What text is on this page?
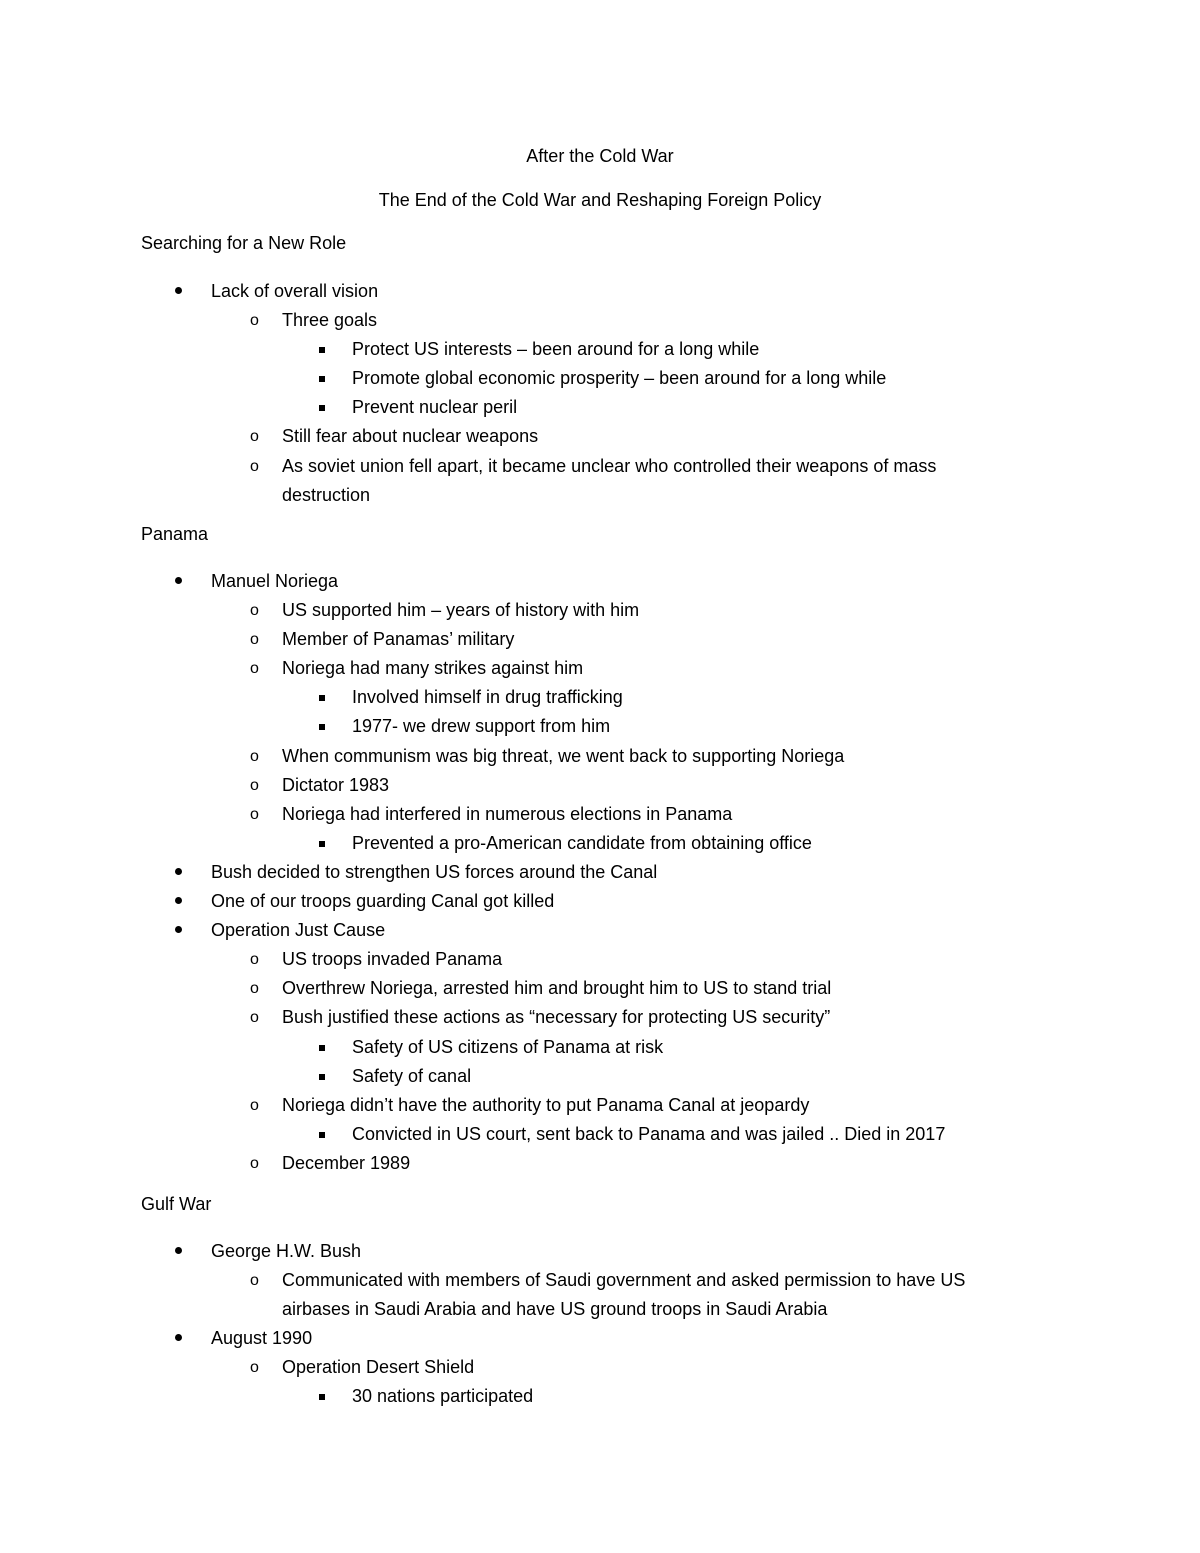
After the Cold War
The End of the Cold War and Reshaping Foreign Policy
Searching for a New Role
Lack of overall vision
o Three goals
Protect US interests – been around for a long while
Promote global economic prosperity – been around for a long while
Prevent nuclear peril
o Still fear about nuclear weapons
o As soviet union fell apart, it became unclear who controlled their weapons of mass destruction
Panama
Manuel Noriega
o US supported him – years of history with him
o Member of Panamas’ military
o Noriega had many strikes against him
Involved himself in drug trafficking
1977- we drew support from him
o When communism was big threat, we went back to supporting Noriega
o Dictator 1983
o Noriega had interfered in numerous elections in Panama
Prevented a pro-American candidate from obtaining office
Bush decided to strengthen US forces around the Canal
One of our troops guarding Canal got killed
Operation Just Cause
o US troops invaded Panama
o Overthrew Noriega, arrested him and brought him to US to stand trial
o Bush justified these actions as “necessary for protecting US security”
Safety of US citizens of Panama at risk
Safety of canal
o Noriega didn’t have the authority to put Panama Canal at jeopardy
Convicted in US court, sent back to Panama and was jailed .. Died in 2017
o December 1989
Gulf War
George H.W. Bush
o Communicated with members of Saudi government and asked permission to have US airbases in Saudi Arabia and have US ground troops in Saudi Arabia
August 1990
o Operation Desert Shield
30 nations participated
